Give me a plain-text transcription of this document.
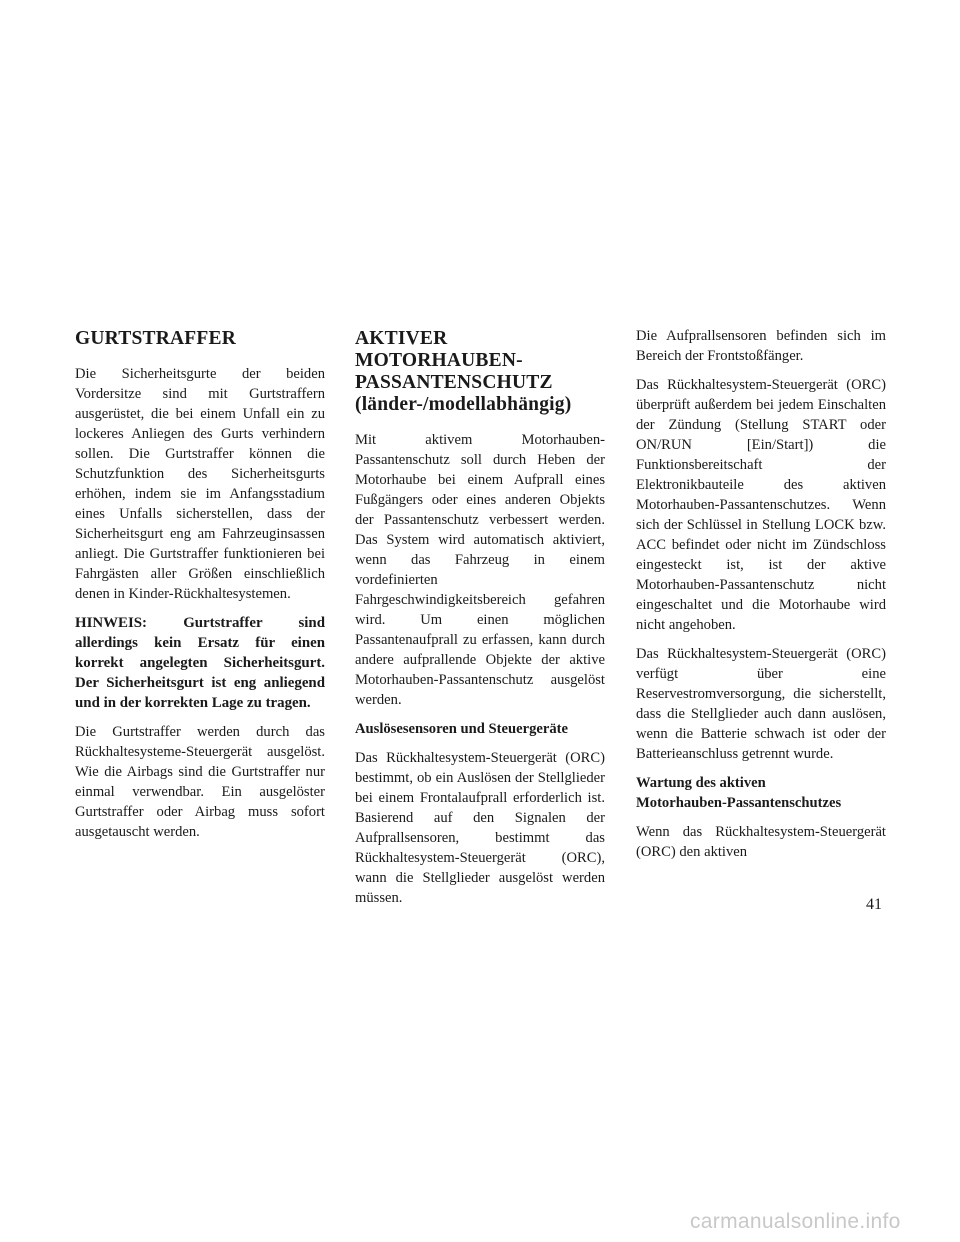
GURTSTRAFFER

Die Sicherheitsgurte der beiden Vordersitze sind mit Gurtstraffern ausgerüstet, die bei einem Unfall ein zu lockeres Anliegen des Gurts verhindern sollen. Die Gurtstraffer können die Schutzfunktion des Sicherheitsgurts erhöhen, indem sie im Anfangsstadium eines Unfalls sicherstellen, dass der Sicherheitsgurt eng am Fahrzeuginsassen anliegt. Die Gurtstraffer funktionieren bei Fahrgästen aller Größen einschließlich denen in Kinder-Rückhaltesystemen.

HINWEIS: Gurtstraffer sind allerdings kein Ersatz für einen korrekt angelegten Sicherheitsgurt. Der Sicherheitsgurt ist eng anliegend und in der korrekten Lage zu tragen.

Die Gurtstraffer werden durch das Rückhaltesysteme-Steuergerät ausgelöst. Wie die Airbags sind die Gurtstraffer nur einmal verwendbar. Ein ausgelöster Gurtstraffer oder Airbag muss sofort ausgetauscht werden.

AKTIVER
MOTORHAUBEN-
PASSANTENSCHUTZ
(länder-/modellabhängig)

Mit aktivem Motorhauben-Passantenschutz soll durch Heben der Motorhaube bei einem Aufprall eines Fußgängers oder eines anderen Objekts der Passantenschutz verbessert werden. Das System wird automatisch aktiviert, wenn das Fahrzeug in einem vordefinierten Fahrgeschwindigkeitsbereich gefahren wird. Um einen möglichen Passantenaufprall zu erfassen, kann durch andere aufprallende Objekte der aktive Motorhauben-Passantenschutz ausgelöst werden.

Auslösesensoren und Steuergeräte

Das Rückhaltesystem-Steuergerät (ORC) bestimmt, ob ein Auslösen der Stellglieder bei einem Frontalaufprall erforderlich ist. Basierend auf den Signalen der Aufprallsensoren, bestimmt das Rückhaltesystem-Steuergerät (ORC), wann die Stellglieder ausgelöst werden müssen.

Die Aufprallsensoren befinden sich im Bereich der Frontstoßfänger.

Das Rückhaltesystem-Steuergerät (ORC) überprüft außerdem bei jedem Einschalten der Zündung (Stellung START oder ON/RUN [Ein/Start]) die Funktionsbereitschaft der Elektronikbauteile des aktiven Motorhauben-Passantenschutzes. Wenn sich der Schlüssel in Stellung LOCK bzw. ACC befindet oder nicht im Zündschloss eingesteckt ist, ist der aktive Motorhauben-Passantenschutz nicht eingeschaltet und die Motorhaube wird nicht angehoben.

Das Rückhaltesystem-Steuergerät (ORC) verfügt über eine Reservestromversorgung, die sicherstellt, dass die Stellglieder auch dann auslösen, wenn die Batterie schwach ist oder der Batterieanschluss getrennt wurde.

Wartung des aktiven
Motorhauben-Passantenschutzes

Wenn das Rückhaltesystem-Steuergerät (ORC) den aktiven

41
carmanualsonline.info
